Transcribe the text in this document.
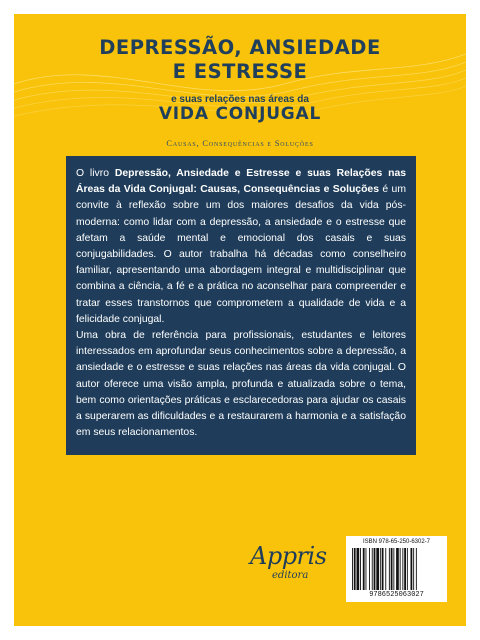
DEPRESSÃO, ANSIEDADE
E ESTRESSE
e suas relações nas áreas da
VIDA CONJUGAL
Causas, Consequências e Soluções

O livro Depressão, Ansiedade e Estresse e suas Relações nas Áreas da Vida Conjugal: Causas, Consequências e Soluções é um convite à reflexão sobre um dos maiores desafios da vida pós-moderna: como lidar com a depressão, a ansiedade e o estresse que afetam a saúde mental e emocional dos casais e suas conjugabilidades. O autor trabalha há décadas como conselheiro familiar, apresentando uma abordagem integral e multidisciplinar que combina a ciência, a fé e a prática no aconselhar para compreender e tratar esses transtornos que comprometem a qualidade de vida e a felicidade conjugal.

Uma obra de referência para profissionais, estudantes e leitores interessados em aprofundar seus conhecimentos sobre a depressão, a ansiedade e o estresse e suas relações nas áreas da vida conjugal. O autor oferece uma visão ampla, profunda e atualizada sobre o tema, bem como orientações práticas e esclarecedoras para ajudar os casais a superarem as dificuldades e a restaurarem a harmonia e a satisfação em seus relacionamentos.

Appris
editora
ISBN 978-65-250-6302-7
9786525063027
